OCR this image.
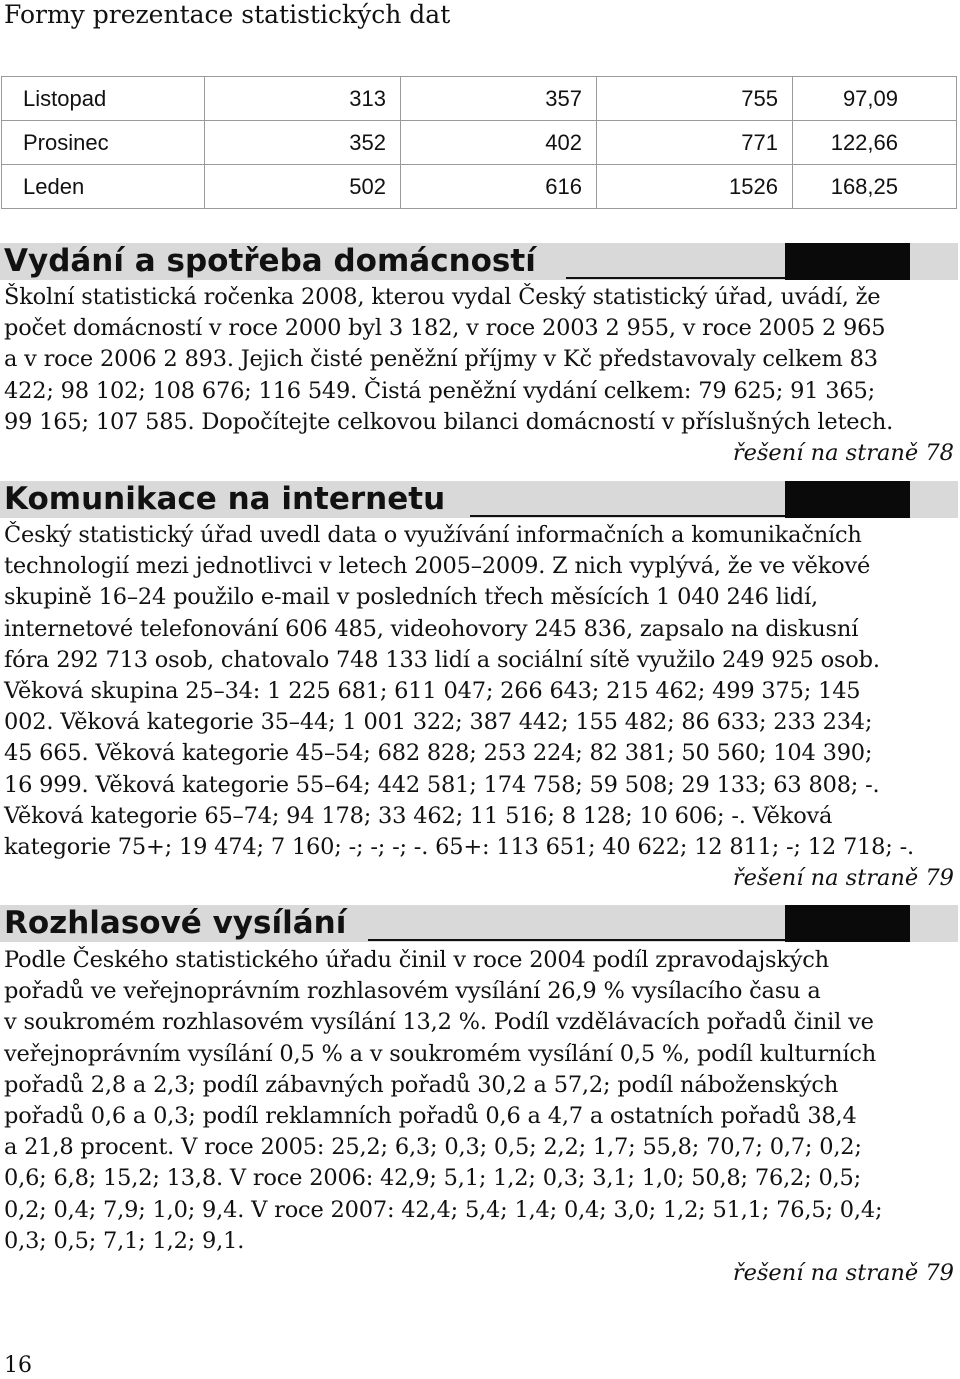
Formy prezentace statistických dat
Listopad	313	357	755	97,09
Prosinec	352	402	771	122,66
Leden	502	616	1526	168,25
Vydání a spotřeba domácností
Školní statistická ročenka 2008, kterou vydal Český statistický úřad, uvádí, že
počet domácností v roce 2000 byl 3 182, v roce 2003 2 955, v roce 2005 2 965
a v roce 2006 2 893. Jejich čisté peněžní příjmy v Kč představovaly celkem 83
422; 98 102; 108 676; 116 549. Čistá peněžní vydání celkem: 79 625; 91 365;
99 165; 107 585. Dopočítejte celkovou bilanci domácností v příslušných letech.
řešení na straně 78
Komunikace na internetu
Český statistický úřad uvedl data o využívání informačních a komunikačních
technologií mezi jednotlivci v letech 2005–2009. Z nich vyplývá, že ve věkové
skupině 16–24 použilo e-mail v posledních třech měsících 1 040 246 lidí,
internetové telefonování 606 485, videohovory 245 836, zapsalo na diskusní
fóra 292 713 osob, chatovalo 748 133 lidí a sociální sítě využilo 249 925 osob.
Věková skupina 25–34: 1 225 681; 611 047; 266 643; 215 462; 499 375; 145
002. Věková kategorie 35–44; 1 001 322; 387 442; 155 482; 86 633; 233 234;
45 665. Věková kategorie 45–54; 682 828; 253 224; 82 381; 50 560; 104 390;
16 999. Věková kategorie 55–64; 442 581; 174 758; 59 508; 29 133; 63 808; -.
Věková kategorie 65–74; 94 178; 33 462; 11 516; 8 128; 10 606; -. Věková
kategorie 75+; 19 474; 7 160; -; -; -; -. 65+: 113 651; 40 622; 12 811; -; 12 718; -.
řešení na straně 79
Rozhlasové vysílání
Podle Českého statistického úřadu činil v roce 2004 podíl zpravodajských
pořadů ve veřejnoprávním rozhlasovém vysílání 26,9 % vysílacího času a
v soukromém rozhlasovém vysílání 13,2 %. Podíl vzdělávacích pořadů činil ve
veřejnoprávním vysílání 0,5 % a v soukromém vysílání 0,5 %, podíl kulturních
pořadů 2,8 a 2,3; podíl zábavných pořadů 30,2 a 57,2; podíl náboženských
pořadů 0,6 a 0,3; podíl reklamních pořadů 0,6 a 4,7 a ostatních pořadů 38,4
a 21,8 procent. V roce 2005: 25,2; 6,3; 0,3; 0,5; 2,2; 1,7; 55,8; 70,7; 0,7; 0,2;
0,6; 6,8; 15,2; 13,8. V roce 2006: 42,9; 5,1; 1,2; 0,3; 3,1; 1,0; 50,8; 76,2; 0,5;
0,2; 0,4; 7,9; 1,0; 9,4. V roce 2007: 42,4; 5,4; 1,4; 0,4; 3,0; 1,2; 51,1; 76,5; 0,4;
0,3; 0,5; 7,1; 1,2; 9,1.
řešení na straně 79
16
